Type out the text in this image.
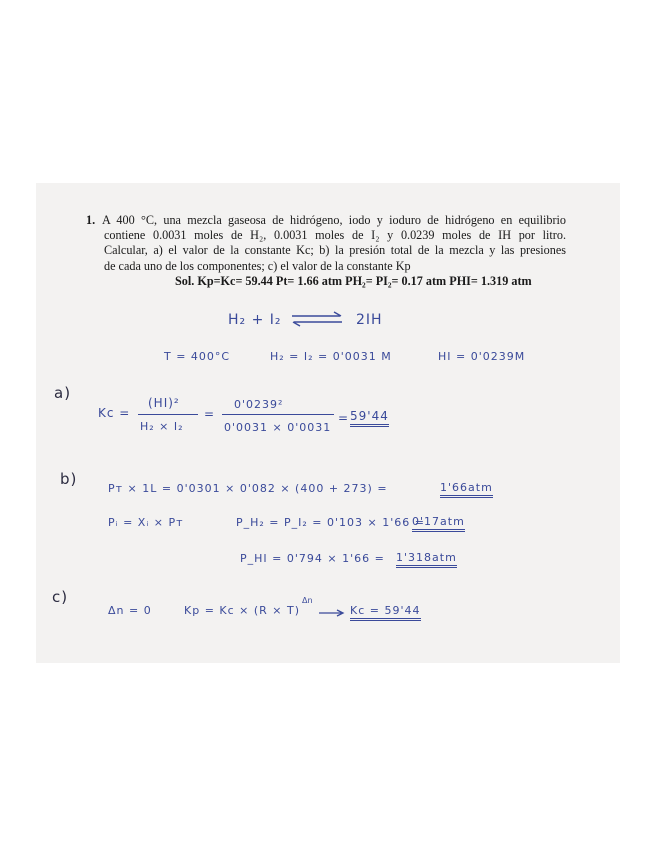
1. A 400 °C, una mezcla gaseosa de hidrógeno, iodo y ioduro de hidrógeno en equilibrio
contiene 0.0031 moles de H₂, 0.0031 moles de I₂ y 0.0239 moles de IH por litro.
Calcular, a) el valor de la constante Kc; b) la presión total de la mezcla y las presiones
de cada uno de los componentes; c) el valor de la constante Kp
Sol. Kp=Kc= 59.44 Pt= 1.66 atm PH₂= PI₂= 0.17 atm PHI= 1.319 atm
H₂ + I₂ ⇌ 2IH
T = 400°C	H₂ = I₂ = 0'0031 M	HI = 0'0239M
a)
Kc =
(HI)²
H₂ × I₂
=
0'0239²
0'0031 × 0'0031
= 59'44
b)
Pᴛ × 1L = 0'0301 × 0'082 × (400 + 273) =	1'66atm
Pᵢ = Xᵢ × Pᴛ	P_H₂ = P_I₂ = 0'103 × 1'66 =
0'17atm
P_HI = 0'794 × 1'66 = 1'318atm
c)
Δn = 0	Kp = Kc × (R × T)
Δn
Kc = 59'44
